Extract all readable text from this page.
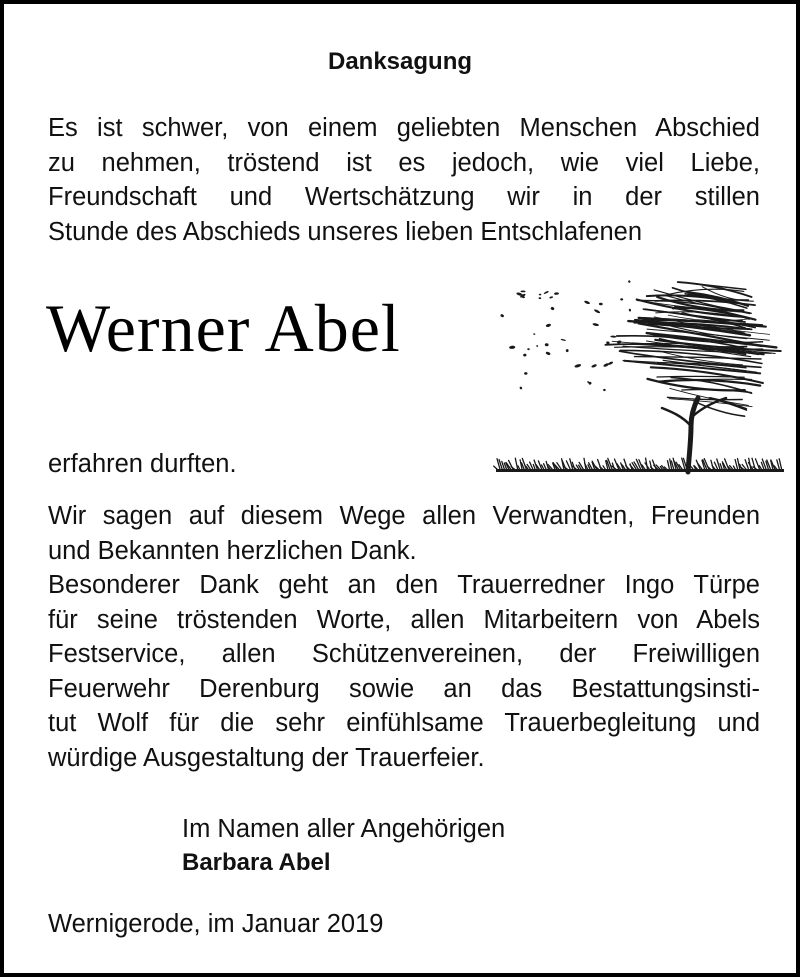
Danksagung

Es ist schwer, von einem geliebten Menschen Abschied
zu nehmen, tröstend ist es jedoch, wie viel Liebe,
Freundschaft und Wertschätzung wir in der stillen
Stunde des Abschieds unseres lieben Entschlafenen

Werner Abel
erfahren durften.

Wir sagen auf diesem Wege allen Verwandten, Freunden
und Bekannten herzlichen Dank.
Besonderer Dank geht an den Trauerredner Ingo Türpe
für seine tröstenden Worte, allen Mitarbeitern von Abels
Festservice, allen Schützenvereinen, der Freiwilligen
Feuerwehr Derenburg sowie an das Bestattungsinsti-
tut Wolf für die sehr einfühlsame Trauerbegleitung und
würdige Ausgestaltung der Trauerfeier.

Im Namen aller Angehörigen
Barbara Abel
Wernigerode, im Januar 2019
